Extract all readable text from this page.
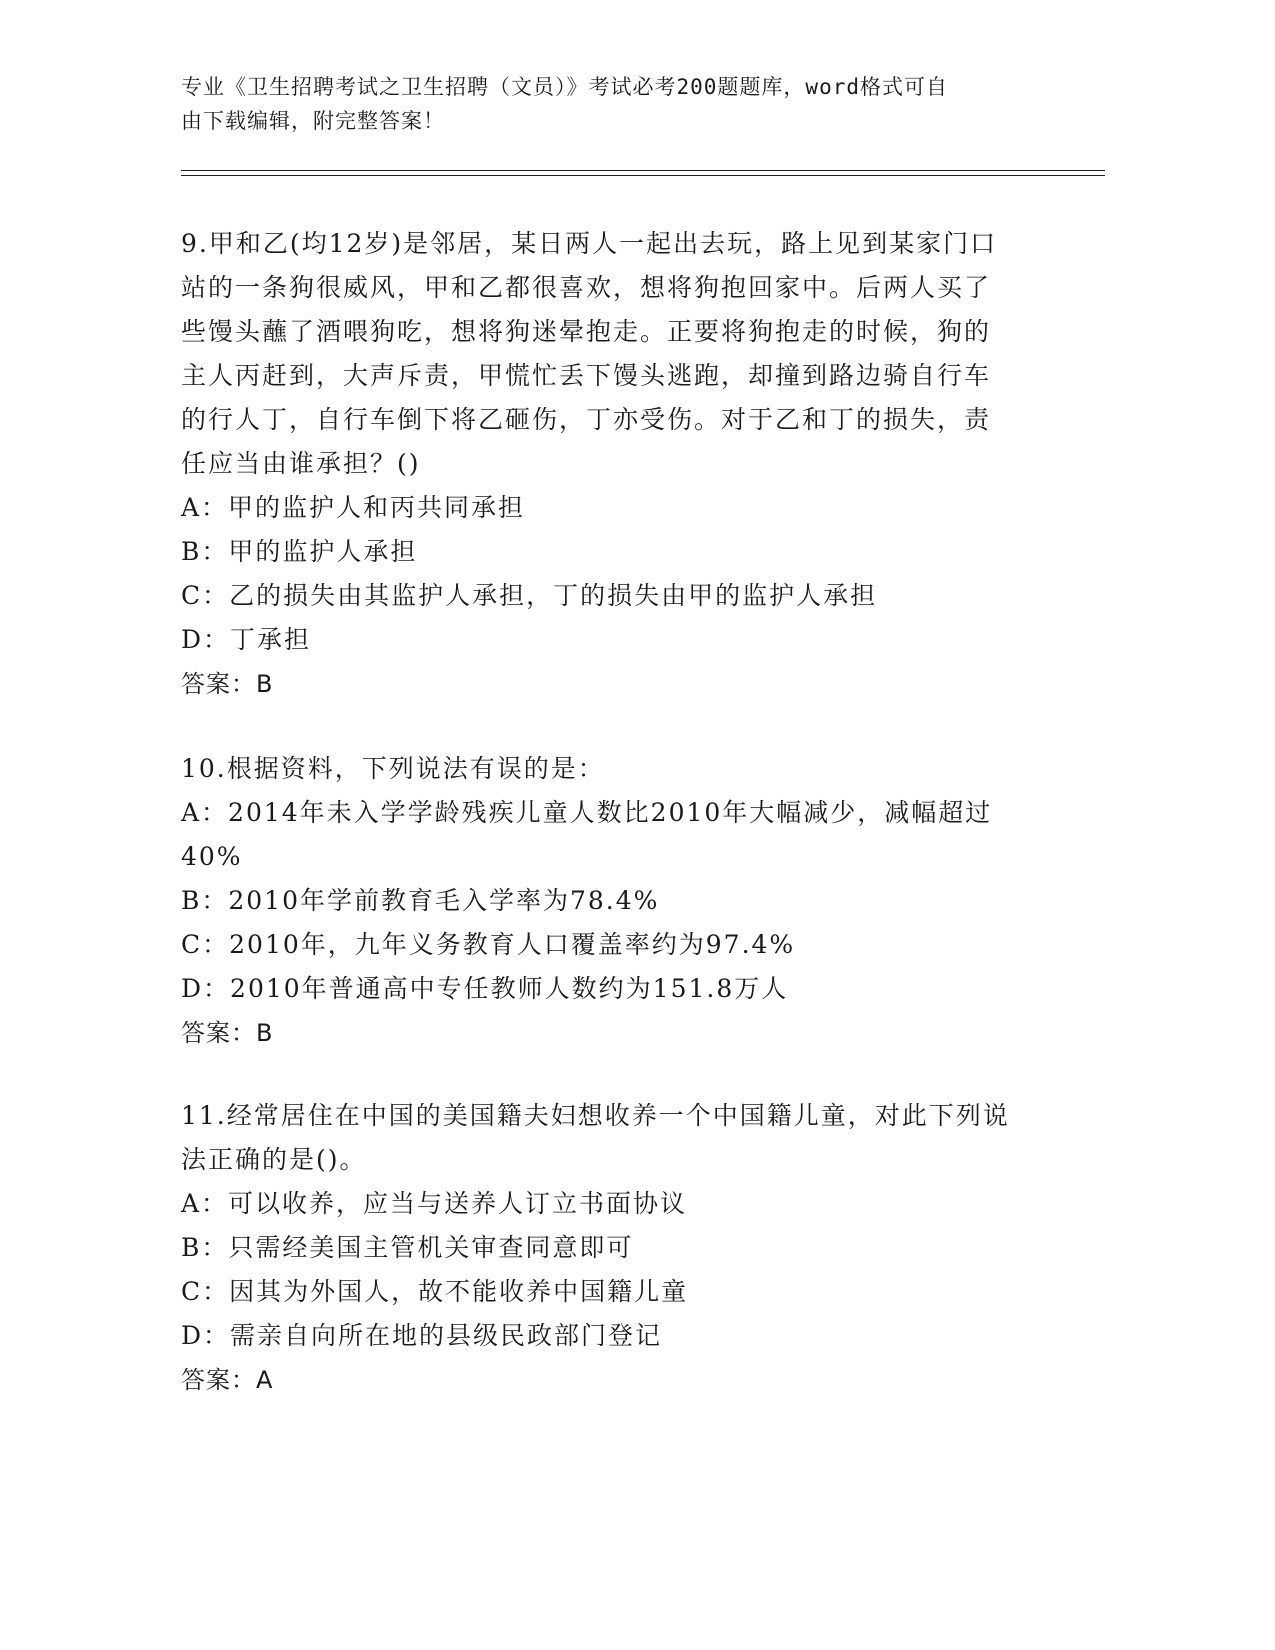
专业《卫生招聘考试之卫生招聘（文员）》考试必考200题题库，word格式可自
由下载编辑，附完整答案！

9.甲和乙(均12岁)是邻居，某日两人一起出去玩，路上见到某家门口

站的一条狗很威风，甲和乙都很喜欢，想将狗抱回家中。后两人买了

些馒头蘸了酒喂狗吃，想将狗迷晕抱走。正要将狗抱走的时候，狗的

主人丙赶到，大声斥责，甲慌忙丢下馒头逃跑，却撞到路边骑自行车

的行人丁，自行车倒下将乙砸伤，丁亦受伤。对于乙和丁的损失，责

任应当由谁承担？()

A：甲的监护人和丙共同承担

B：甲的监护人承担

C：乙的损失由其监护人承担，丁的损失由甲的监护人承担

D：丁承担

答案：B

10.根据资料，下列说法有误的是：

A：2014年未入学学龄残疾儿童人数比2010年大幅减少，减幅超过

40%

B：2010年学前教育毛入学率为78.4%

C：2010年，九年义务教育人口覆盖率约为97.4%

D：2010年普通高中专任教师人数约为151.8万人

答案：B

11.经常居住在中国的美国籍夫妇想收养一个中国籍儿童，对此下列说

法正确的是()。

A：可以收养，应当与送养人订立书面协议

B：只需经美国主管机关审查同意即可

C：因其为外国人，故不能收养中国籍儿童

D：需亲自向所在地的县级民政部门登记

答案：A
